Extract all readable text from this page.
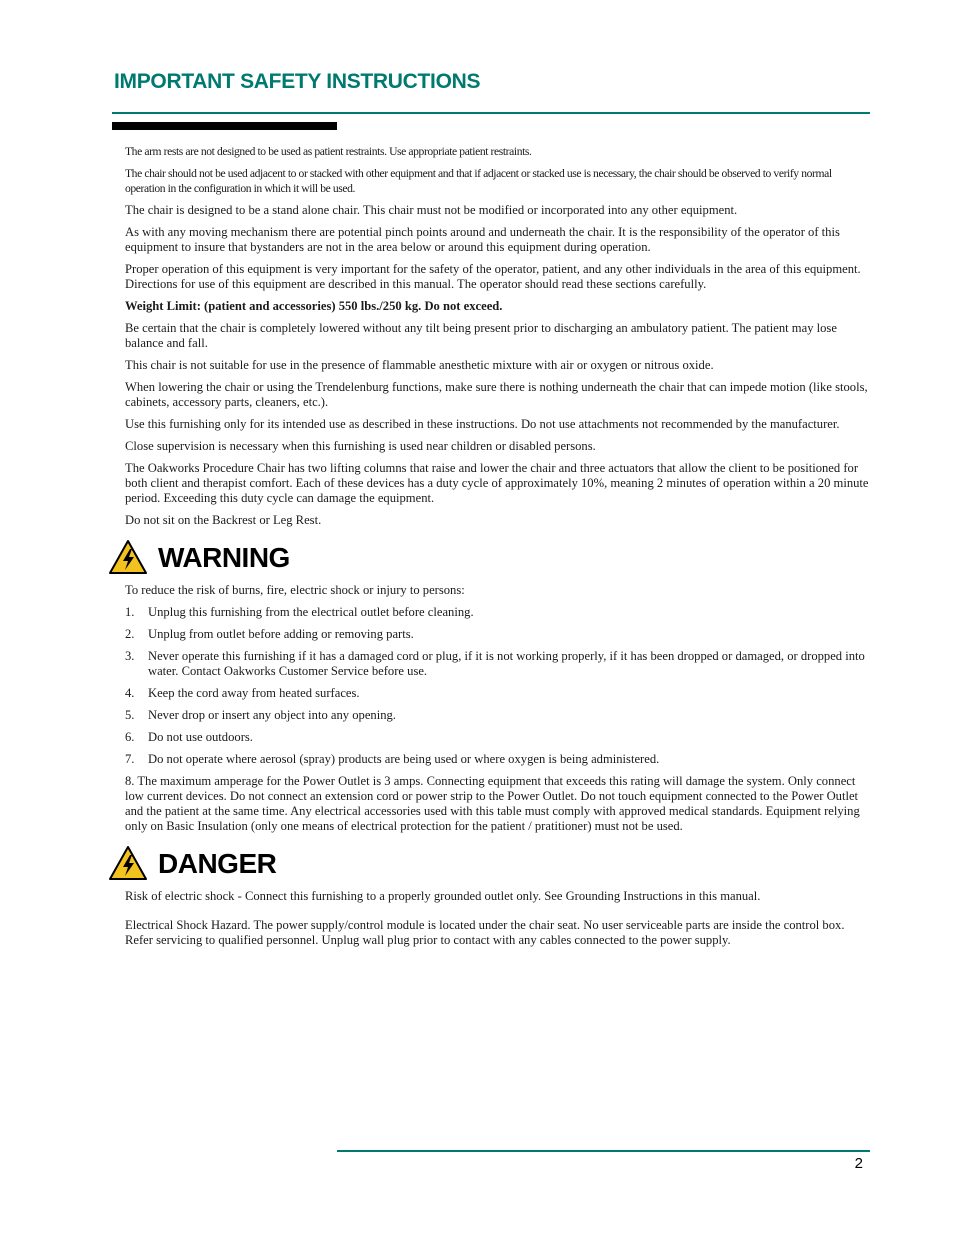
IMPORTANT SAFETY INSTRUCTIONS

The arm rests are not designed to be used as patient restraints. Use appropriate patient restraints.

The chair should not be used adjacent to or stacked with other equipment and that if adjacent or stacked use is necessary, the chair should be observed to verify normal operation in the configuration in which it will be used.

The chair is designed to be a stand alone chair. This chair must not be modified or incorporated into any other equipment.

As with any moving mechanism there are potential pinch points around and underneath the chair. It is the responsibility of the operator of this equipment to insure that bystanders are not in the area below or around this equipment during operation.

Proper operation of this equipment is very important for the safety of the operator, patient, and any other individuals in the area of this equipment. Directions for use of this equipment are described in this manual. The operator should read these sections carefully.

Weight Limit: (patient and accessories) 550 lbs./250 kg. Do not exceed.

Be certain that the chair is completely lowered without any tilt being present prior to discharging an ambulatory patient. The patient may lose balance and fall.

This chair is not suitable for use in the presence of flammable anesthetic mixture with air or oxygen or nitrous oxide.

When lowering the chair or using the Trendelenburg functions, make sure there is nothing underneath the chair that can impede motion (like stools, cabinets, accessory parts, cleaners, etc.).

Use this furnishing only for its intended use as described in these instructions. Do not use attachments not recommended by the manufacturer.

Close supervision is necessary when this furnishing is used near children or disabled persons.

The Oakworks Procedure Chair has two lifting columns that raise and lower the chair and three actuators that allow the client to be positioned for both client and therapist comfort. Each of these devices has a duty cycle of approximately 10%, meaning 2 minutes of operation within a 20 minute period. Exceeding this duty cycle can damage the equipment.

Do not sit on the Backrest or Leg Rest.

WARNING

To reduce the risk of burns, fire, electric shock or injury to persons:

1.	Unplug this furnishing from the electrical outlet before cleaning.
2.	Unplug from outlet before adding or removing parts.
3.	Never operate this furnishing if it has a damaged cord or plug, if it is not working properly, if it has been dropped or damaged, or dropped into water. Contact Oakworks Customer Service before use.
4.	Keep the cord away from heated surfaces.
5.	Never drop or insert any object into any opening.
6.	Do not use outdoors.
7.	Do not operate where aerosol (spray) products are being used or where oxygen is being administered.

8. The maximum amperage for the Power Outlet is 3 amps. Connecting equipment that exceeds this rating will damage the system. Only connect low current devices. Do not connect an extension cord or power strip to the Power Outlet. Do not touch equipment connected to the Power Outlet and the patient at the same time. Any electrical accessories used with this table must comply with approved medical standards. Equipment relying only on Basic Insulation (only one means of electrical protection for the patient / pratitioner) must not be used.

DANGER

Risk of electric shock - Connect this furnishing to a properly grounded outlet only. See Grounding Instructions in this manual.

Electrical Shock Hazard. The power supply/control module is located under the chair seat. No user serviceable parts are inside the control box. Refer servicing to qualified personnel. Unplug wall plug prior to contact with any cables connected to the power supply.

2
